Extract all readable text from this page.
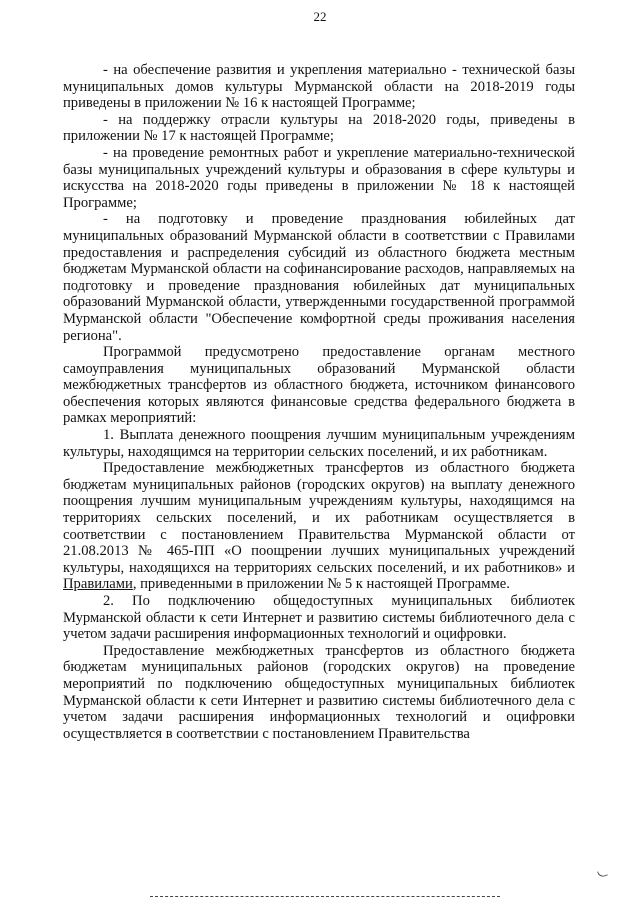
22

- на обеспечение развития и укрепления материально - технической базы муниципальных домов культуры Мурманской области на 2018-2019 годы приведены в приложении № 16 к настоящей Программе;

- на поддержку отрасли культуры на 2018-2020 годы, приведены в приложении № 17 к настоящей Программе;

- на проведение ремонтных работ и укрепление материально-технической базы муниципальных учреждений культуры и образования в сфере культуры и искусства на 2018-2020 годы приведены в приложении № 18 к настоящей Программе;

- на подготовку и проведение празднования юбилейных дат муниципальных образований Мурманской области в соответствии с Правилами предоставления и распределения субсидий из областного бюджета местным бюджетам Мурманской области на софинансирование расходов, направляемых на подготовку и проведение празднования юбилейных дат муниципальных образований Мурманской области, утвержденными государственной программой Мурманской области "Обеспечение комфортной среды проживания населения региона".

Программой предусмотрено предоставление органам местного самоуправления муниципальных образований Мурманской области межбюджетных трансфертов из областного бюджета, источником финансового обеспечения которых являются финансовые средства федерального бюджета в рамках мероприятий:

1. Выплата денежного поощрения лучшим муниципальным учреждениям культуры, находящимся на территории сельских поселений, и их работникам.

Предоставление межбюджетных трансфертов из областного бюджета бюджетам муниципальных районов (городских округов) на выплату денежного поощрения лучшим муниципальным учреждениям культуры, находящимся на территориях сельских поселений, и их работникам осуществляется в соответствии с постановлением Правительства Мурманской области от 21.08.2013 № 465-ПП «О поощрении лучших муниципальных учреждений культуры, находящихся на территориях сельских поселений, и их работников» и Правилами, приведенными в приложении № 5 к настоящей Программе.

2. По подключению общедоступных муниципальных библиотек Мурманской области к сети Интернет и развитию системы библиотечного дела с учетом задачи расширения информационных технологий и оцифровки.

Предоставление межбюджетных трансфертов из областного бюджета бюджетам муниципальных районов (городских округов) на проведение мероприятий по подключению общедоступных муниципальных библиотек Мурманской области к сети Интернет и развитию системы библиотечного дела с учетом задачи расширения информационных технологий и оцифровки осуществляется в соответствии с постановлением Правительства
